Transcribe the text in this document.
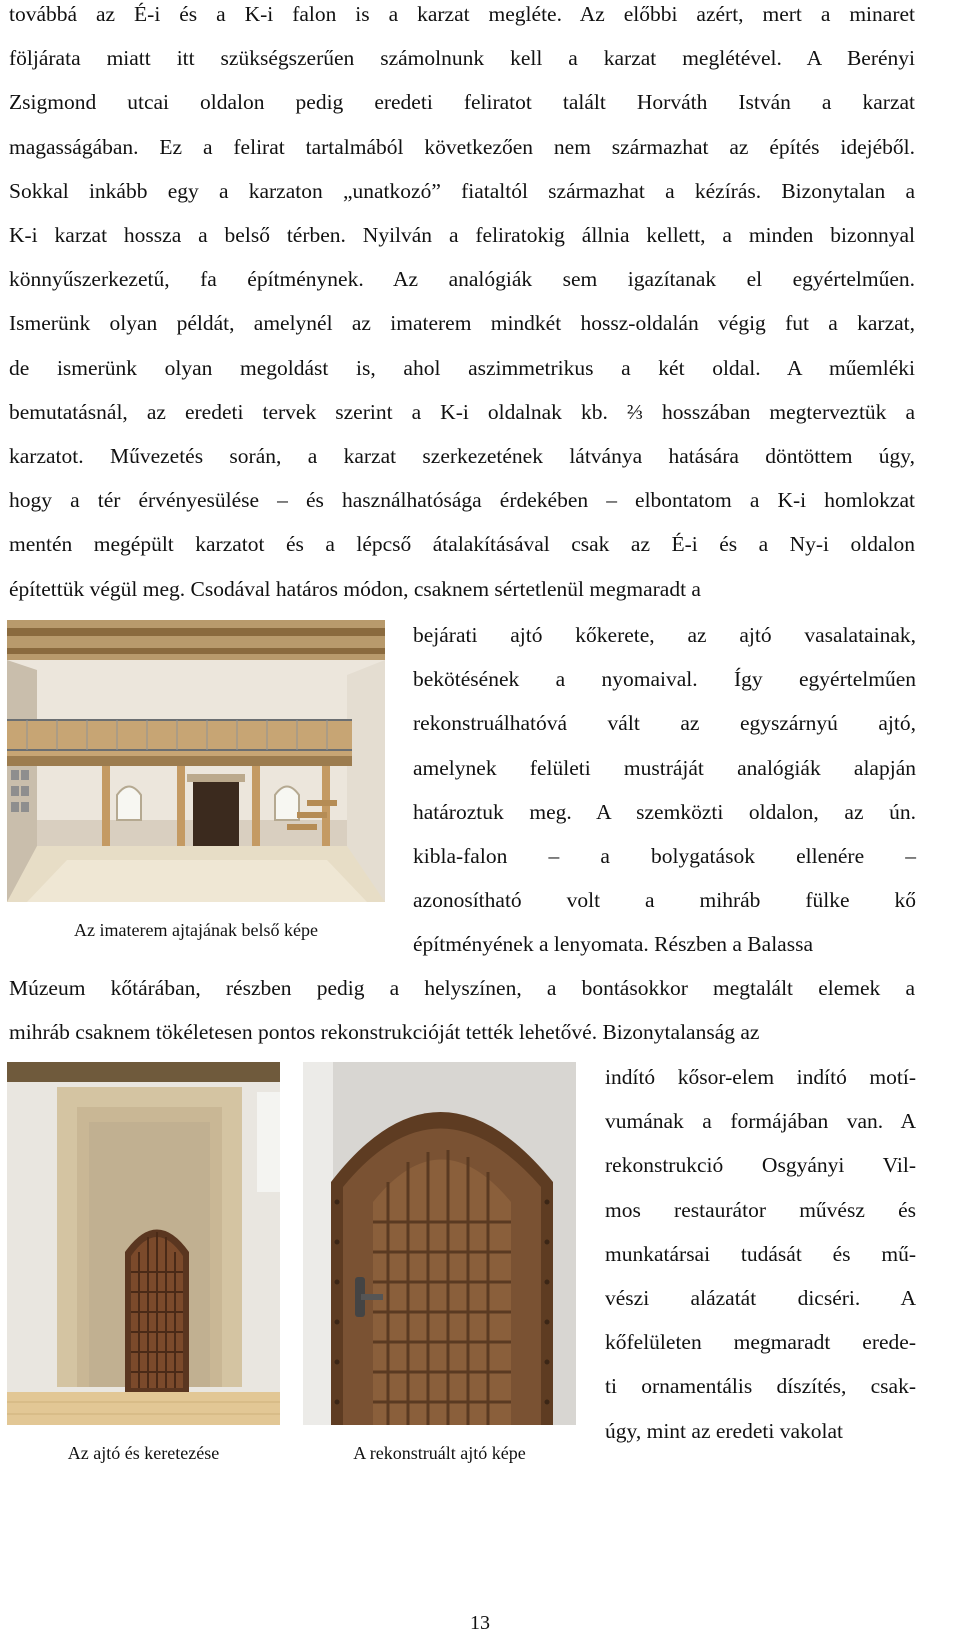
továbbá az É-i és a K-i falon is a karzat megléte. Az előbbi azért, mert a minaret
följárata miatt itt szükségszerűen számolnunk kell a karzat meglétével. A Berényi
Zsigmond utcai oldalon pedig eredeti feliratot talált Horváth István a karzat
magasságában. Ez a felirat tartalmából következően nem származhat az építés idejéből.
Sokkal inkább egy a karzaton „unatkozó” fiataltól származhat a kézírás. Bizonytalan a
K-i karzat hossza a belső térben. Nyilván a feliratokig állnia kellett, a minden bizonnyal
könnyűszerkezetű, fa építménynek. Az analógiák sem igazítanak el egyértelműen.
Ismerünk olyan példát, amelynél az imaterem mindkét hossz-oldalán végig fut a karzat,
de ismerünk olyan megoldást is, ahol aszimmetrikus a két oldal. A műemléki
bemutatásnál, az eredeti tervek szerint a K-i oldalnak kb. ⅔ hosszában megterveztük a
karzatot. Művezetés során, a karzat szerkezetének látványa hatására döntöttem úgy,
hogy a tér érvényesülése – és használhatósága érdekében – elbontatom a K-i homlokzat
mentén megépült karzatot és a lépcső átalakításával csak az É-i és a Ny-i oldalon
építettük végül meg. Csodával határos módon, csaknem sértetlenül megmaradt a
Az imaterem ajtajának belső képe
bejárati ajtó kőkerete, az ajtó vasalatainak,
bekötésének a nyomaival. Így egyértelműen
rekonstruálhatóvá vált az egyszárnyú ajtó,
amelynek felületi mustráját analógiák alapján
határoztuk meg. A szemközti oldalon, az ún.
kibla-falon – a bolygatások ellenére –
azonosítható volt a mihráb fülke kő
építményének a lenyomata. Részben a Balassa
Múzeum kőtárában, részben pedig a helyszínen, a bontásokkor megtalált elemek a
mihráb csaknem tökéletesen pontos rekonstrukcióját tették lehetővé. Bizonytalanság az
Az ajtó és keretezése	A rekonstruált ajtó képe
indító kősor-elem indító motí-
vumának a formájában van. A
rekonstrukció Osgyányi Vil-
mos restaurátor művész és
munkatársai tudását és mű-
vészi alázatát dicséri. A
kőfelületen megmaradt erede-
ti ornamentális díszítés, csak-
úgy, mint az eredeti vakolat
13
